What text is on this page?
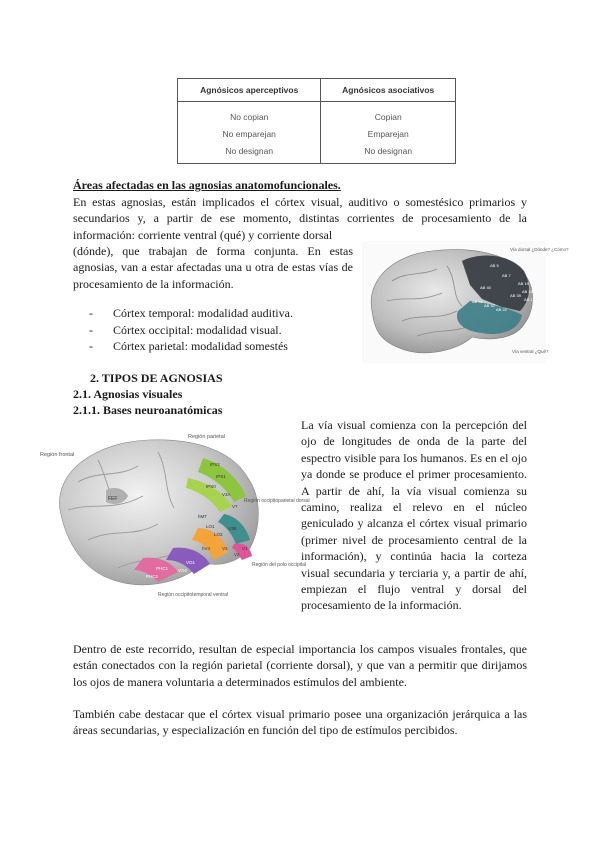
Agnósicos aperceptivos	Agnósicos asociativos
No copian	Copian
No emparejan	Emparejan
No designan	No designan
Áreas afectadas en las agnosias anatomofuncionales.

En estas agnosias, están implicados el córtex visual, auditivo o somestésico primarios y secundarios y, a partir de ese momento, distintas corrientes de procesamiento de la información: corriente ventral (qué) y corriente dorsal

(dónde), que trabajan de forma conjunta. En estas agnosias, van a estar afectadas una u otra de estas vías de procesamiento de la información.

- Córtex temporal: modalidad auditiva.
- Córtex occipital: modalidad visual.
- Córtex parietal: modalidad somestés
AB 5
AB 7
AB 40
AB 39
AB 41
AB 42
AB 22
AB 19
AB 18
AB 17
Vía dorsal ¿Dónde? ¿Cómo?
Vía ventral ¿Qué?
2. TIPOS DE AGNOSIAS
2.1. Agnosias visuales
2.1.1. Bases neuroanatómicas

La vía visual comienza con la percepción del ojo de longitudes de onda de la parte del espectro visible para los humanos. Es en el ojo ya donde se produce el primer procesamiento. A partir de ahí, la vía visual comienza su camino, realiza el relevo en el núcleo geniculado y alcanza el córtex visual primario (primer nivel de procesamiento central de la información), y continúa hacia la corteza visual secundaria y terciaria y, a partir de ahí, empiezan el flujo ventral y dorsal del procesamiento de la información.

FEF
IPS2
IPS1
IPS0
V3A
V7
hMT
LO1
LO2
V3B
V1
V2
V3
hV4
VO1
VO2
PHC1
PHC2
Región frontal
Región parietal
Región occipitoparietal dorsal
Región del polo occipital
Región occipitotemporal ventral

Dentro de este recorrido, resultan de especial importancia los campos visuales frontales, que están conectados con la región parietal (corriente dorsal), y que van a permitir que dirijamos los ojos de manera voluntaria a determinados estímulos del ambiente.

También cabe destacar que el córtex visual primario posee una organización jerárquica a las áreas secundarias, y especialización en función del tipo de estímulos percibidos.
